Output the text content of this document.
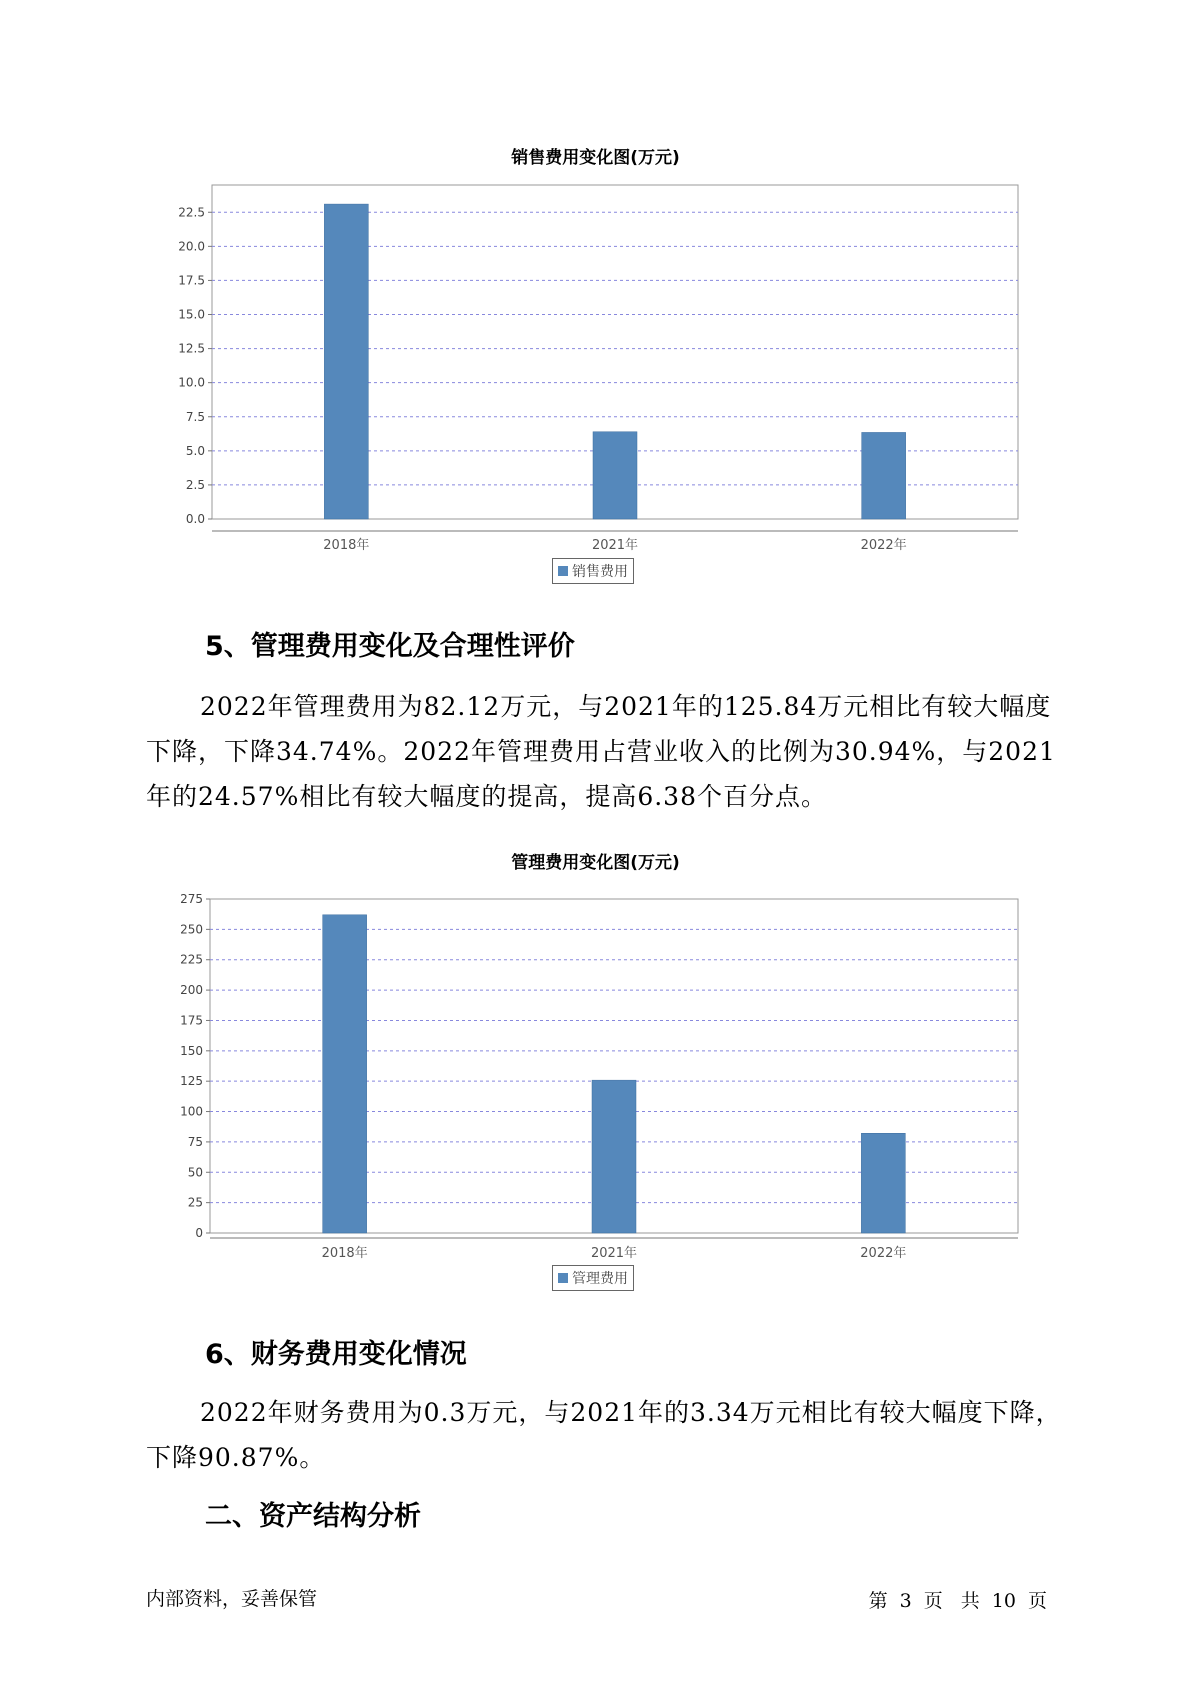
销售费用变化图(万元)
0.0
2.5
5.0
7.5
10.0
12.5
15.0
17.5
20.0
22.5
2018年	2021年	2022年
销售费用
5、管理费用变化及合理性评价

2022年管理费用为82.12万元，与2021年的125.84万元相比有较大幅度下降，下降34.74%。2022年管理费用占营业收入的比例为30.94%，与2021年的24.57%相比有较大幅度的提高，提高6.38个百分点。

管理费用变化图(万元)
0
25
50
75
100
125
150
175
200
225
250
275
2018年	2021年	2022年
管理费用
6、财务费用变化情况

2022年财务费用为0.3万元，与2021年的3.34万元相比有较大幅度下降，下降90.87%。

二、资产结构分析
内部资料，妥善保管	第 3 页 共 10 页
